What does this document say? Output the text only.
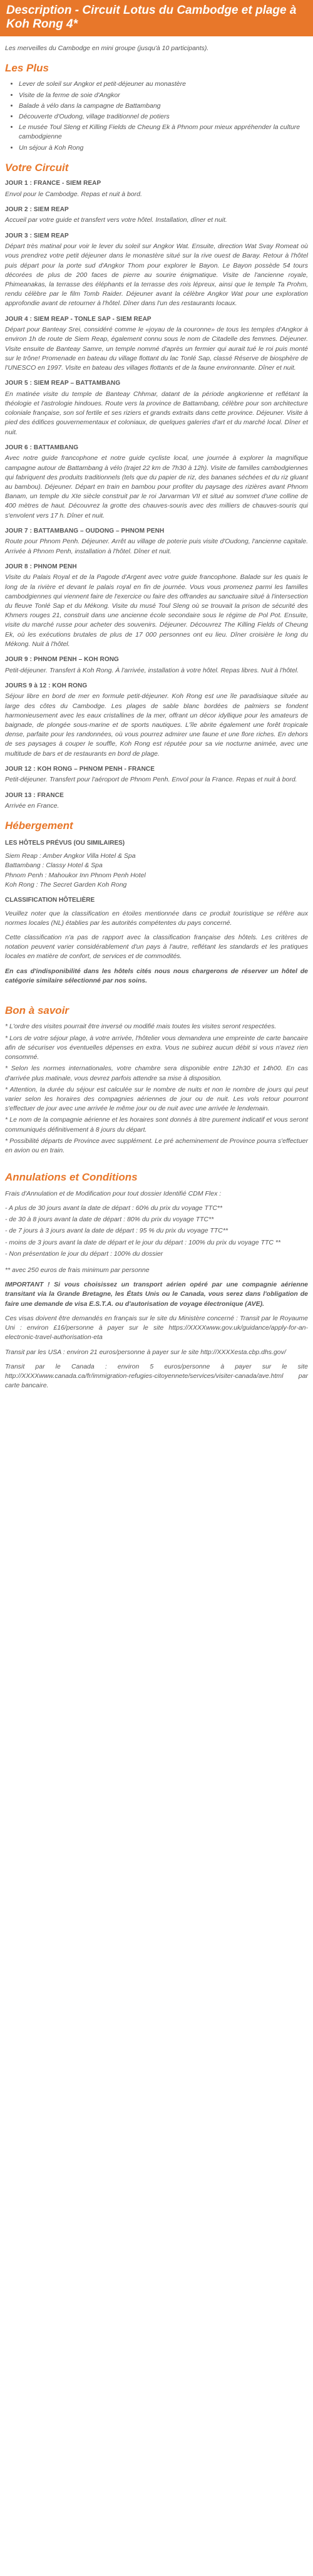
Description - Circuit Lotus du Cambodge et plage à Koh Rong 4*
Les merveilles du Cambodge en mini groupe (jusqu'à 10 participants).
Les Plus
• Lever de soleil sur Angkor et petit-déjeuner au monastère
• Visite de la ferme de soie d'Angkor
• Balade à vélo dans la campagne de Battambang
• Découverte d'Oudong, village traditionnel de potiers
• Le musée Toul Sleng et Killing Fields de Cheung Ek à Phnom pour mieux appréhender la culture cambodgienne
• Un séjour à Koh Rong
Votre Circuit
JOUR 1 : FRANCE - SIEM REAP
Envol pour le Cambodge. Repas et nuit à bord.
JOUR 2 : SIEM REAP
Accueil par votre guide et transfert vers votre hôtel. Installation, dîner et nuit.
JOUR 3 : SIEM REAP
Départ très matinal pour voir le lever du soleil sur Angkor Wat. Ensuite, direction Wat Svay Romeat où vous prendrez votre petit déjeuner dans le monastère situé sur la rive ouest de Baray. Retour à l'hôtel puis départ pour la porte sud d'Angkor Thom pour explorer le Bayon. Le Bayon possède 54 tours décorées de plus de 200 faces de pierre au sourire énigmatique. Visite de l'ancienne royale, Phimeanakas, la terrasse des éléphants et la terrasse des rois lépreux, ainsi que le temple Ta Prohm, rendu célèbre par le film Tomb Raider. Déjeuner avant la célèbre Angkor Wat pour une exploration approfondie avant de retourner à l'hôtel. Dîner dans l'un des restaurants locaux.
JOUR 4 : SIEM REAP - TONLE SAP - SIEM REAP
Départ pour Banteay Srei, considéré comme le «joyau de la couronne» de tous les temples d'Angkor à environ 1h de route de Siem Reap, également connu sous le nom de Citadelle des femmes. Déjeuner. Visite ensuite de Banteay Samre, un temple nommé d'après un fermier qui aurait tué le roi puis monté sur le trône! Promenade en bateau du village flottant du lac Tonlé Sap, classé Réserve de biosphère de l'UNESCO en 1997. Visite en bateau des villages flottants et de la faune environnante. Dîner et nuit.
JOUR 5 : SIEM REAP – BATTAMBANG
En matinée visite du temple de Banteay Chhmar, datant de la période angkorienne et reflétant la théologie et l'astrologie hindoues. Route vers la province de Battambang, célèbre pour son architecture coloniale française, son sol fertile et ses riziers et grands extraits dans cette province. Déjeuner. Visite à pied des édifices gouvernementaux et coloniaux, de quelques galeries d'art et du marché local. Dîner et nuit.
JOUR 6 : BATTAMBANG
Avec notre guide francophone et notre guide cycliste local, une journée à explorer la magnifique campagne autour de Battambang à vélo (trajet 22 km de 7h30 à 12h). Visite de familles cambodgiennes qui fabriquent des produits traditionnels (tels que du papier de riz, des bananes séchées et du riz gluant au bambou). Déjeuner. Départ en train en bambou pour profiter du paysage des rizières avant Phnom Banam, un temple du XIe siècle construit par le roi Jarvarman VII et situé au sommet d'une colline de 400 mètres de haut. Découvrez la grotte des chauves-souris avec des milliers de chauves-souris qui s'envolent vers 17 h. Dîner et nuit.
JOUR 7 : BATTAMBANG – OUDONG – PHNOM PENH
Route pour Phnom Penh. Déjeuner. Arrêt au village de poterie puis visite d'Oudong, l'ancienne capitale. Arrivée à Phnom Penh, installation à l'hôtel. Dîner et nuit.
JOUR 8 : PHNOM PENH
Visite du Palais Royal et de la Pagode d'Argent avec votre guide francophone. Balade sur les quais le long de la rivière et devant le palais royal en fin de journée. Vous vous promenez parmi les familles cambodgiennes qui viennent faire de l'exercice ou faire des offrandes au sanctuaire situé à l'intersection du fleuve Tonlé Sap et du Mékong. Visite du musé Toul Sleng où se trouvait la prison de sécurité des Khmers rouges 21, construit dans une ancienne école secondaire sous le régime de Pol Pot. Ensuite, visite du marché russe pour acheter des souvenirs. Déjeuner. Découvrez The Killing Fields of Cheung Ek, où les exécutions brutales de plus de 17 000 personnes ont eu lieu. Dîner croisière le long du Mékong. Nuit à l'hôtel.
JOUR 9 : PHNOM PENH – KOH RONG
Petit-déjeuner. Transfert à Koh Rong. À l'arrivée, installation à votre hôtel. Repas libres. Nuit à l'hôtel.
JOURS 9 à 12 : KOH RONG
Séjour libre en bord de mer en formule petit-déjeuner. Koh Rong est une île paradisiaque située au large des côtes du Cambodge. Les plages de sable blanc bordées de palmiers se fondent harmonieusement avec les eaux cristallines de la mer, offrant un décor idyllique pour les amateurs de baignade, de plongée sous-marine et de sports nautiques. L'île abrite également une forêt tropicale dense, parfaite pour les randonnées, où vous pourrez admirer une faune et une flore riches. En dehors de ses paysages à couper le souffle, Koh Rong est réputée pour sa vie nocturne animée, avec une multitude de bars et de restaurants en bord de plage.
JOUR 12 : KOH RONG – PHNOM PENH - FRANCE
Petit-déjeuner. Transfert pour l'aéroport de Phnom Penh. Envol pour la France. Repas et nuit à bord.
JOUR 13 : FRANCE
Arrivée en France.
Hébergement
LES HÔTELS PRÉVUS (OU SIMILAIRES)
Siem Reap : Amber Angkor Villa Hotel & Spa
Battambang : Classy Hotel & Spa
Phnom Penh : Mahoukor Inn Phnom Penh Hotel
Koh Rong : The Secret Garden Koh Rong
CLASSIFICATION HÔTELIÈRE
Veuillez noter que la classification en étoiles mentionnée dans ce produit touristique se réfère aux normes locales (NL) établies par les autorités compétentes du pays concerné.
Cette classification n'a pas de rapport avec la classification française des hôtels. Les critères de notation peuvent varier considérablement d'un pays à l'autre, reflétant les standards et les pratiques locales en matière de confort, de services et de commodités.
En cas d'indisponibilité dans les hôtels cités nous nous chargerons de réserver un hôtel de catégorie similaire sélectionné par nos soins.
Bon à savoir
* L'ordre des visites pourrait être inversé ou modifié mais toutes les visites seront respectées.
* Lors de votre séjour plage, à votre arrivée, l'hôtelier vous demandera une empreinte de carte bancaire afin de sécuriser vos éventuelles dépenses en extra. Vous ne subirez aucun débit si vous n'avez rien consommé.
* Selon les normes internationales, votre chambre sera disponible entre 12h30 et 14h00. En cas d'arrivée plus matinale, vous devrez parfois attendre sa mise à disposition.
* Attention, la durée du séjour est calculée sur le nombre de nuits et non le nombre de jours qui peut varier selon les horaires des compagnies aériennes de jour ou de nuit. Les vols retour pourront s'effectuer de jour avec une arrivée le même jour ou de nuit avec une arrivée le lendemain.
* Le nom de la compagnie aérienne et les horaires sont donnés à titre purement indicatif et vous seront communiqués définitivement à 8 jours du départ.
* Possibilité départs de Province avec supplément. Le pré acheminement de Province pourra s'effectuer en avion ou en train.
Annulations et Conditions
Frais d'Annulation et de Modification pour tout dossier Identifié CDM Flex :
- A plus de 30 jours avant la date de départ : 60% du prix du voyage TTC**
- de 30 à 8 jours avant la date de départ : 80% du prix du voyage TTC**
- de 7 jours à 3 jours avant la date de départ : 95 % du prix du voyage TTC**
- moins de 3 jours avant la date de départ et le jour du départ : 100% du prix du voyage TTC **
- Non présentation le jour du départ : 100% du dossier
** avec 250 euros de frais minimum par personne
IMPORTANT ! Si vous choisissez un transport aérien opéré par une compagnie aérienne transitant via la Grande Bretagne, les États Unis ou le Canada, vous serez dans l'obligation de faire une demande de visa E.S.T.A. ou d'autorisation de voyage électronique (AVE).
Ces visas doivent être demandés en français sur le site du Ministère concerné : Transit par le Royaume Uni : environ £16/personne à payer sur le site https://XXXXwww.gov.uk/guidance/apply-for-an-electronic-travel-authorisation-eta
Transit par les USA : environ 21 euros/personne à payer sur le site http://XXXXesta.cbp.dhs.gov/
Transit par le Canada : environ 5 euros/personne à payer sur le site http://XXXXwww.canada.ca/fr/immigration-refugies-citoyennete/services/visiter-canada/ave.html par carte bancaire.
